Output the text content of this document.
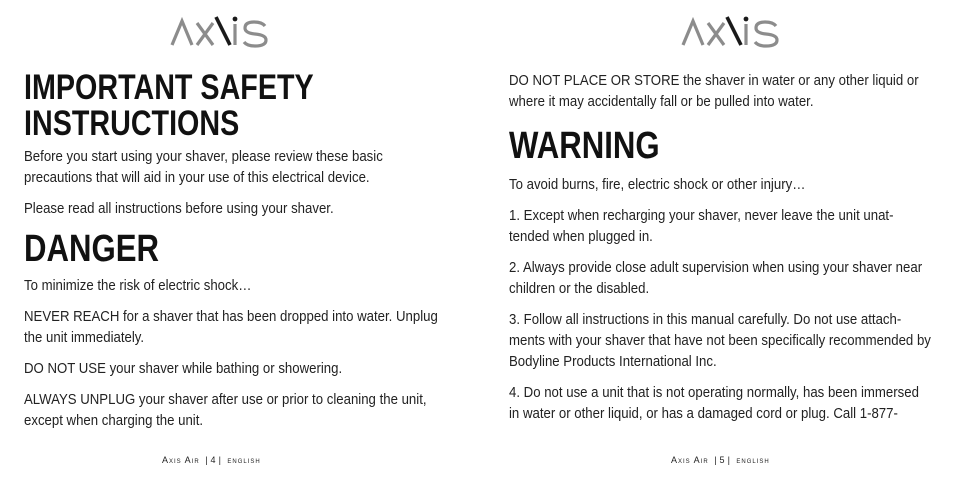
IMPORTANT SAFETY
INSTRUCTIONS

Before you start using your shaver, please review these basic precautions that will aid in your use of this electrical device.

Please read all instructions before using your shaver.

DANGER

To minimize the risk of electric shock…

NEVER REACH for a shaver that has been dropped into water. Unplug the unit immediately.

DO NOT USE your shaver while bathing or showering.

ALWAYS UNPLUG your shaver after use or prior to cleaning the unit, except when charging the unit.

Axis Air | 4 | english

DO NOT PLACE OR STORE the shaver in water or any other liquid or where it may accidentally fall or be pulled into water.

WARNING

To avoid burns, fire, electric shock or other injury…

1. Except when recharging your shaver, never leave the unit unat-tended when plugged in.

2. Always provide close adult supervision when using your shaver near children or the disabled.

3. Follow all instructions in this manual carefully. Do not use attach-ments with your shaver that have not been specifically recommended by Bodyline Products International Inc.

4. Do not use a unit that is not operating normally, has been immersed in water or other liquid, or has a damaged cord or plug. Call 1-877-

Axis Air | 5 | english
